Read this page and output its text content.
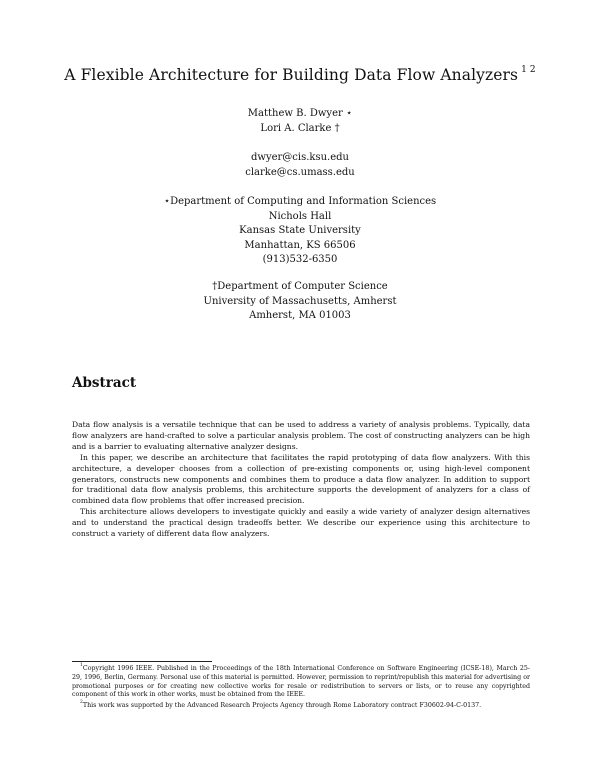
A Flexible Architecture for Building Data Flow Analyzers $^{1 2}$
Matthew B. Dwyer ⋆
Lori A. Clarke †
dwyer@cis.ksu.edu
clarke@cs.umass.edu
⋆Department of Computing and Information Sciences
Nichols Hall
Kansas State University
Manhattan, KS 66506
(913)532-6350
†Department of Computer Science
University of Massachusetts, Amherst
Amherst, MA 01003
Abstract

Data flow analysis is a versatile technique that can be used to address a variety of analysis problems. Typically, data flow analyzers are hand-crafted to solve a particular analysis problem. The cost of constructing analyzers can be high and is a barrier to evaluating alternative analyzer designs.

In this paper, we describe an architecture that facilitates the rapid prototyping of data flow analyzers. With this architecture, a developer chooses from a collection of pre-existing components or, using high-level component generators, constructs new components and combines them to produce a data flow analyzer. In addition to support for traditional data flow analysis problems, this architecture supports the development of analyzers for a class of combined data flow problems that offer increased precision.

This architecture allows developers to investigate quickly and easily a wide variety of analyzer design alternatives and to understand the practical design tradeoffs better. We describe our experience using this architecture to construct a variety of different data flow analyzers.

$^1$Copyright 1996 IEEE. Published in the Proceedings of the 18th International Conference on Software Engineering (ICSE-18), March 25-29, 1996, Berlin, Germany. Personal use of this material is permitted. However, permission to reprint/republish this material for advertising or promotional purposes or for creating new collective works for resale or redistribution to servers or lists, or to reuse any copyrighted component of this work in other works, must be obtained from the IEEE.

$^2$This work was supported by the Advanced Research Projects Agency through Rome Laboratory contract F30602-94-C-0137.
